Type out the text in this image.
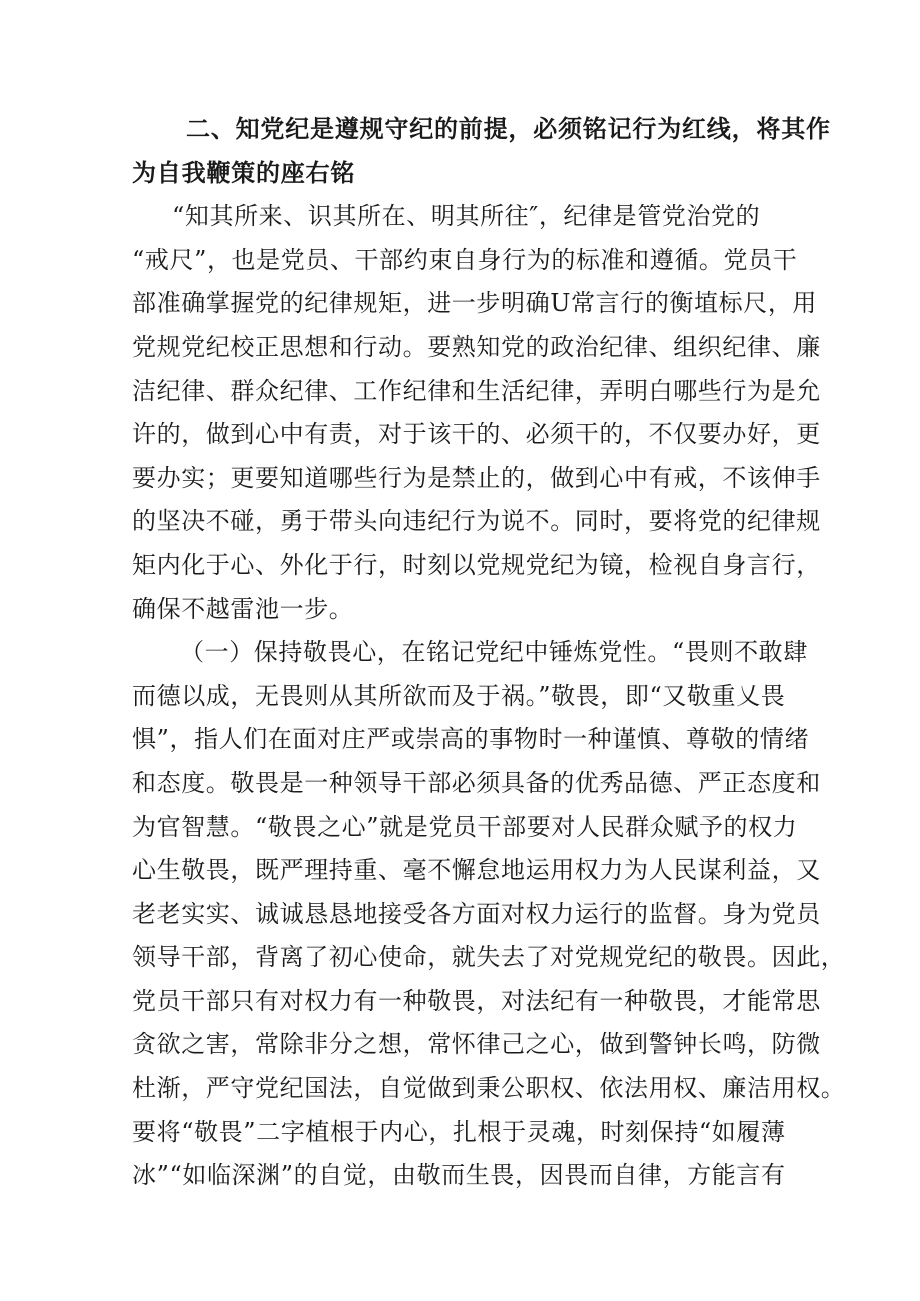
二、知党纪是遵规守纪的前提，必须铭记行为红线，将其作
为自我鞭策的座右铭
“知其所来、识其所在、明其所往″，纪律是管党治党的
“戒尺”，也是党员、干部约束自身行为的标准和遵循。党员干
部准确掌握党的纪律规矩，进一步明确U常言行的衡埴标尺，用
党规党纪校正思想和行动。要熟知党的政治纪律、组织纪律、廉
洁纪律、群众纪律、工作纪律和生活纪律，弄明白哪些行为是允
许的，做到心中有责，对于该干的、必须干的，不仅要办好，更
要办实；更要知道哪些行为是禁止的，做到心中有戒，不该伸手
的坚决不碰，勇于带头向违纪行为说不。同时，要将党的纪律规
矩内化于心、外化于行，时刻以党规党纪为镜，检视自身言行，
确保不越雷池一步。
（一）保持敬畏心，在铭记党纪中锤炼党性。“畏则不敢肆
而德以成，无畏则从其所欲而及于祸。”敬畏，即“又敬重乂畏
惧”，指人们在面对庄严或崇高的事物时一种谨慎、尊敬的情绪
和态度。敬畏是一种领导干部必须具备的优秀品德、严正态度和
为官智慧。“敬畏之心”就是党员干部要对人民群众赋予的权力
心生敬畏，既严理持重、毫不懈怠地运用权力为人民谋利益，又
老老实实、诚诚恳恳地接受各方面对权力运行的监督。身为党员
领导干部，背离了初心使命，就失去了对党规党纪的敬畏。因此，
党员干部只有对权力有一种敬畏，对法纪有一种敬畏，才能常思
贪欲之害，常除非分之想，常怀律己之心，做到警钟长鸣，防微
杜渐，严守党纪国法，自觉做到秉公职权、依法用权、廉洁用权。
要将“敬畏”二字植根于内心，扎根于灵魂，时刻保持“如履薄
冰”“如临深渊”的自觉，由敬而生畏，因畏而自律，方能言有
